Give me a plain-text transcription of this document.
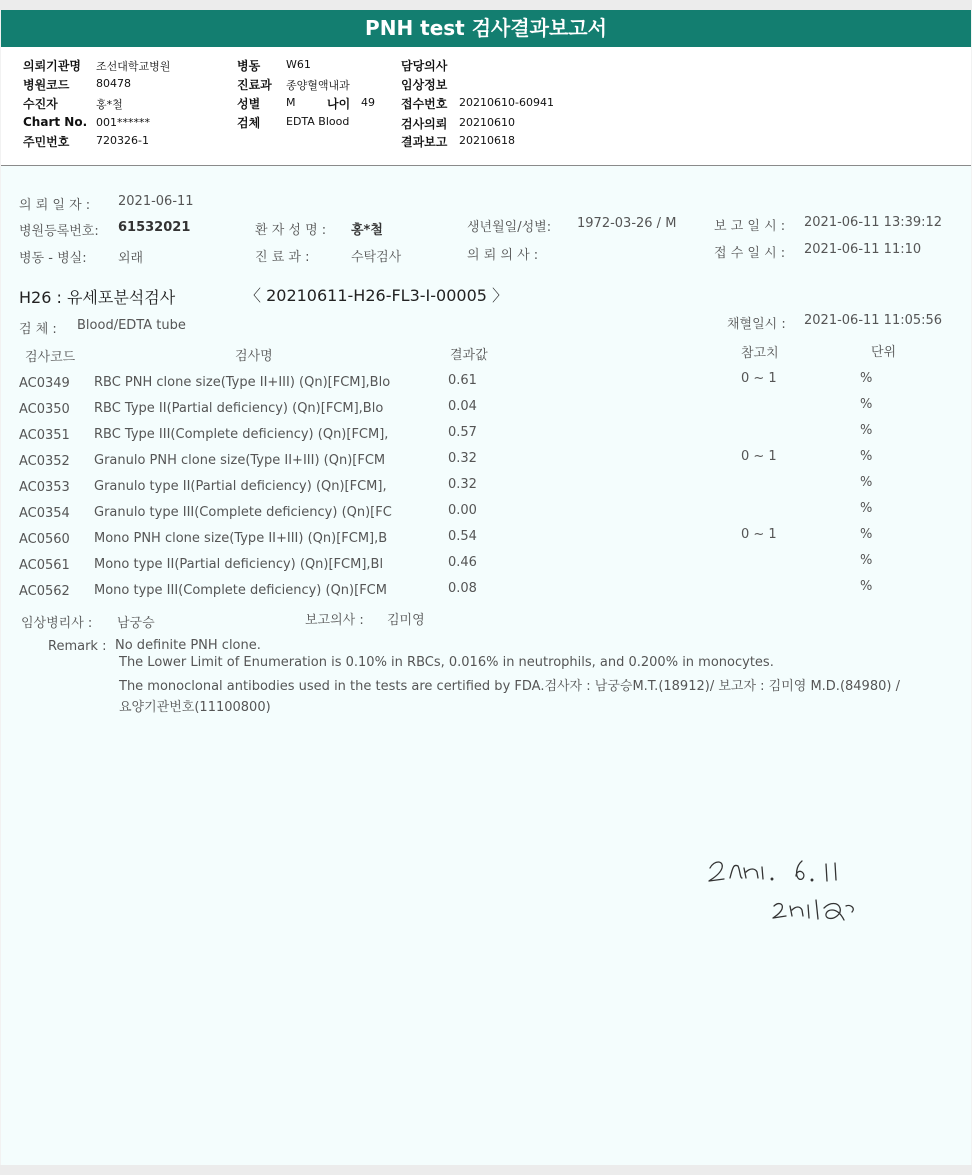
PNH test 검사결과보고서
의뢰기관명 조선대학교병원
병원코드 80478
수진자	홍*철
Chart No. 001******
주민번호 720326-1
병동 W61
진료과 종양혈액내과
성별 M	나이 49
검체 EDTA Blood
담당의사
임상정보
접수번호 20210610-60941
검사의뢰 20210610
결과보고 20210618
의 뢰 일 자 : 2021-06-11
병원등록번호: 61532021	환 자 성 명 : 홍*철	생년월일/성별: 1972-03-26 / M	보 고 일 시 : 2021-06-11 13:39:12
병동 - 병실: 외래	진 료 과 :	수탁검사	의 뢰 의 사 :	접 수 일 시 : 2021-06-11 11:10
H26 : 유세포분석검사	〈 20210611-H26-FL3-I-00005 〉
검 체 : Blood/EDTA tube	채혈일시 : 2021-06-11 11:05:56
검사코드	검사명	결과값	참고치	단위
AC0349 RBC PNH clone size(Type II+III) (Qn)[FCM],Blo	0.61	0 ~ 1	%
AC0350 RBC Type II(Partial deficiency) (Qn)[FCM],Blo	0.04	%
AC0351 RBC Type III(Complete deficiency) (Qn)[FCM],	0.57	%
AC0352 Granulo PNH clone size(Type II+III) (Qn)[FCM	0.32	0 ~ 1	%
AC0353 Granulo type II(Partial deficiency) (Qn)[FCM],	0.32	%
AC0354 Granulo type III(Complete deficiency) (Qn)[FC	0.00	%
AC0560 Mono PNH clone size(Type II+III) (Qn)[FCM],B	0.54	0 ~ 1	%
AC0561 Mono type II(Partial deficiency) (Qn)[FCM],Bl	0.46	%
AC0562 Mono type III(Complete deficiency) (Qn)[FCM	0.08	%
임상병리사 : 남궁승	보고의사 : 김미영
Remark : No definite PNH clone.
The Lower Limit of Enumeration is 0.10% in RBCs, 0.016% in neutrophils, and 0.200% in monocytes.
The monoclonal antibodies used in the tests are certified by FDA.검사자 : 남궁승M.T.(18912)/ 보고자 : 김미영 M.D.(84980) /
요양기관번호(11100800)
